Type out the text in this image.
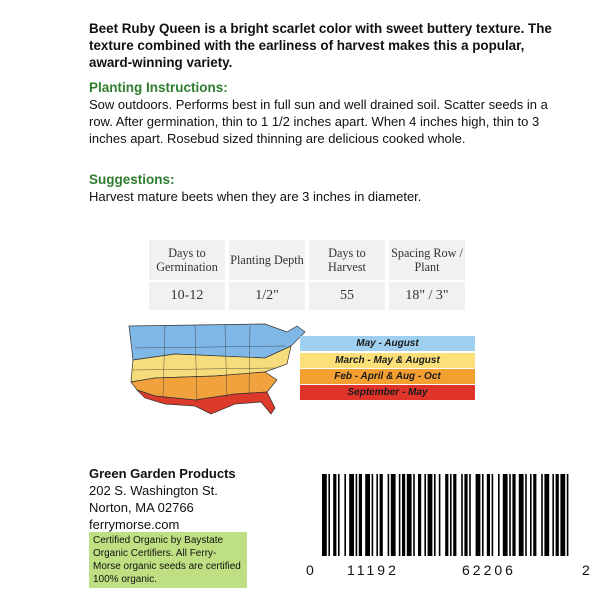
Beet Ruby Queen is a bright scarlet color with sweet buttery texture. The texture combined with the earliness of harvest makes this a popular, award-winning variety.
Planting Instructions:
Sow outdoors. Performs best in full sun and well drained soil. Scatter seeds in a row. After germination, thin to 1 1/2 inches apart. When 4 inches high, thin to 3 inches apart. Rosebud sized thinning are delicious cooked whole.
Suggestions:
Harvest mature beets when they are 3 inches in diameter.
Days to Germination	Planting Depth	Days to Harvest	Spacing Row / Plant
10-12	1/2"	55	18" / 3"
May - August
March - May & August
Feb - April & Aug - Oct
September - May
Green Garden Products
202 S. Washington St.
Norton, MA 02766
ferrymorse.com
Certified Organic by Baystate Organic Certifiers. All Ferry-Morse organic seeds are certified 100% organic.
0 11192	62206	2
